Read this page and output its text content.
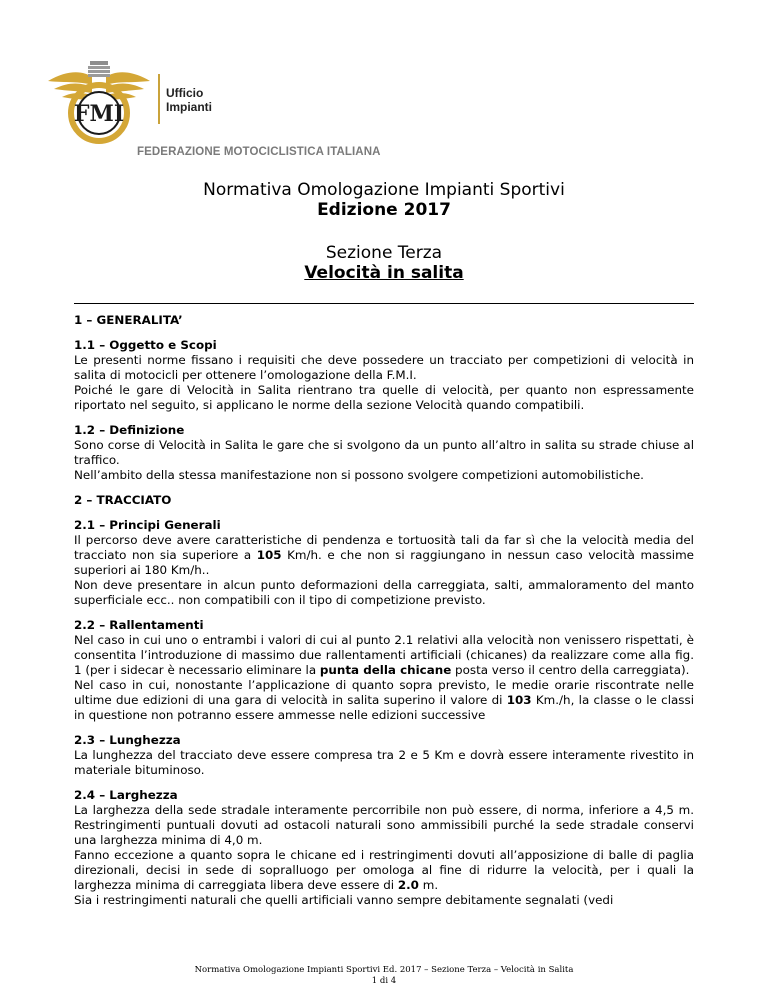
FMI
Ufficio
Impianti
FEDERAZIONE MOTOCICLISTICA ITALIANA
Normativa Omologazione Impianti Sportivi
Edizione 2017
Sezione Terza
Velocità in salita

1 – GENERALITA’

1.1 – Oggetto e Scopi

Le presenti norme fissano i requisiti che deve possedere un tracciato per competizioni di velocità in salita di motocicli per ottenere l’omologazione della F.M.I.

Poiché le gare di Velocità in Salita rientrano tra quelle di velocità, per quanto non espressamente riportato nel seguito, si applicano le norme della sezione Velocità quando compatibili.

1.2 – Definizione

Sono corse di Velocità in Salita le gare che si svolgono da un punto all’altro in salita su strade chiuse al traffico.

Nell’ambito della stessa manifestazione non si possono svolgere competizioni automobilistiche.

2 – TRACCIATO

2.1 – Principi Generali

Il percorso deve avere caratteristiche di pendenza e tortuosità tali da far sì che la velocità media del tracciato non sia superiore a 105 Km/h. e che non si raggiungano in nessun caso velocità massime superiori ai 180 Km/h..

Non deve presentare in alcun punto deformazioni della carreggiata, salti, ammaloramento del manto superficiale ecc.. non compatibili con il tipo di competizione previsto.

2.2 – Rallentamenti

Nel caso in cui uno o entrambi i valori di cui al punto 2.1 relativi alla velocità non venissero rispettati, è consentita l’introduzione di massimo due rallentamenti artificiali (chicanes) da realizzare come alla fig. 1 (per i sidecar è necessario eliminare la punta della chicane posta verso il centro della carreggiata).

Nel caso in cui, nonostante l’applicazione di quanto sopra previsto, le medie orarie riscontrate nelle ultime due edizioni di una gara di velocità in salita superino il valore di 103 Km./h, la classe o le classi in questione non potranno essere ammesse nelle edizioni successive

2.3 – Lunghezza

La lunghezza del tracciato deve essere compresa tra 2 e 5 Km e dovrà essere interamente rivestito in materiale bituminoso.

2.4 – Larghezza

La larghezza della sede stradale interamente percorribile non può essere, di norma, inferiore a 4,5 m. Restringimenti puntuali dovuti ad ostacoli naturali sono ammissibili purché la sede stradale conservi una larghezza minima di 4,0 m.

Fanno eccezione a quanto sopra le chicane ed i restringimenti dovuti all’apposizione di balle di paglia direzionali, decisi in sede di sopralluogo per omologa al fine di ridurre la velocità, per i quali la larghezza minima di carreggiata libera deve essere di 2.0 m.

Sia i restringimenti naturali che quelli artificiali vanno sempre debitamente segnalati (vedi

Normativa Omologazione Impianti Sportivi Ed. 2017 – Sezione Terza – Velocità in Salita
1 di 4
